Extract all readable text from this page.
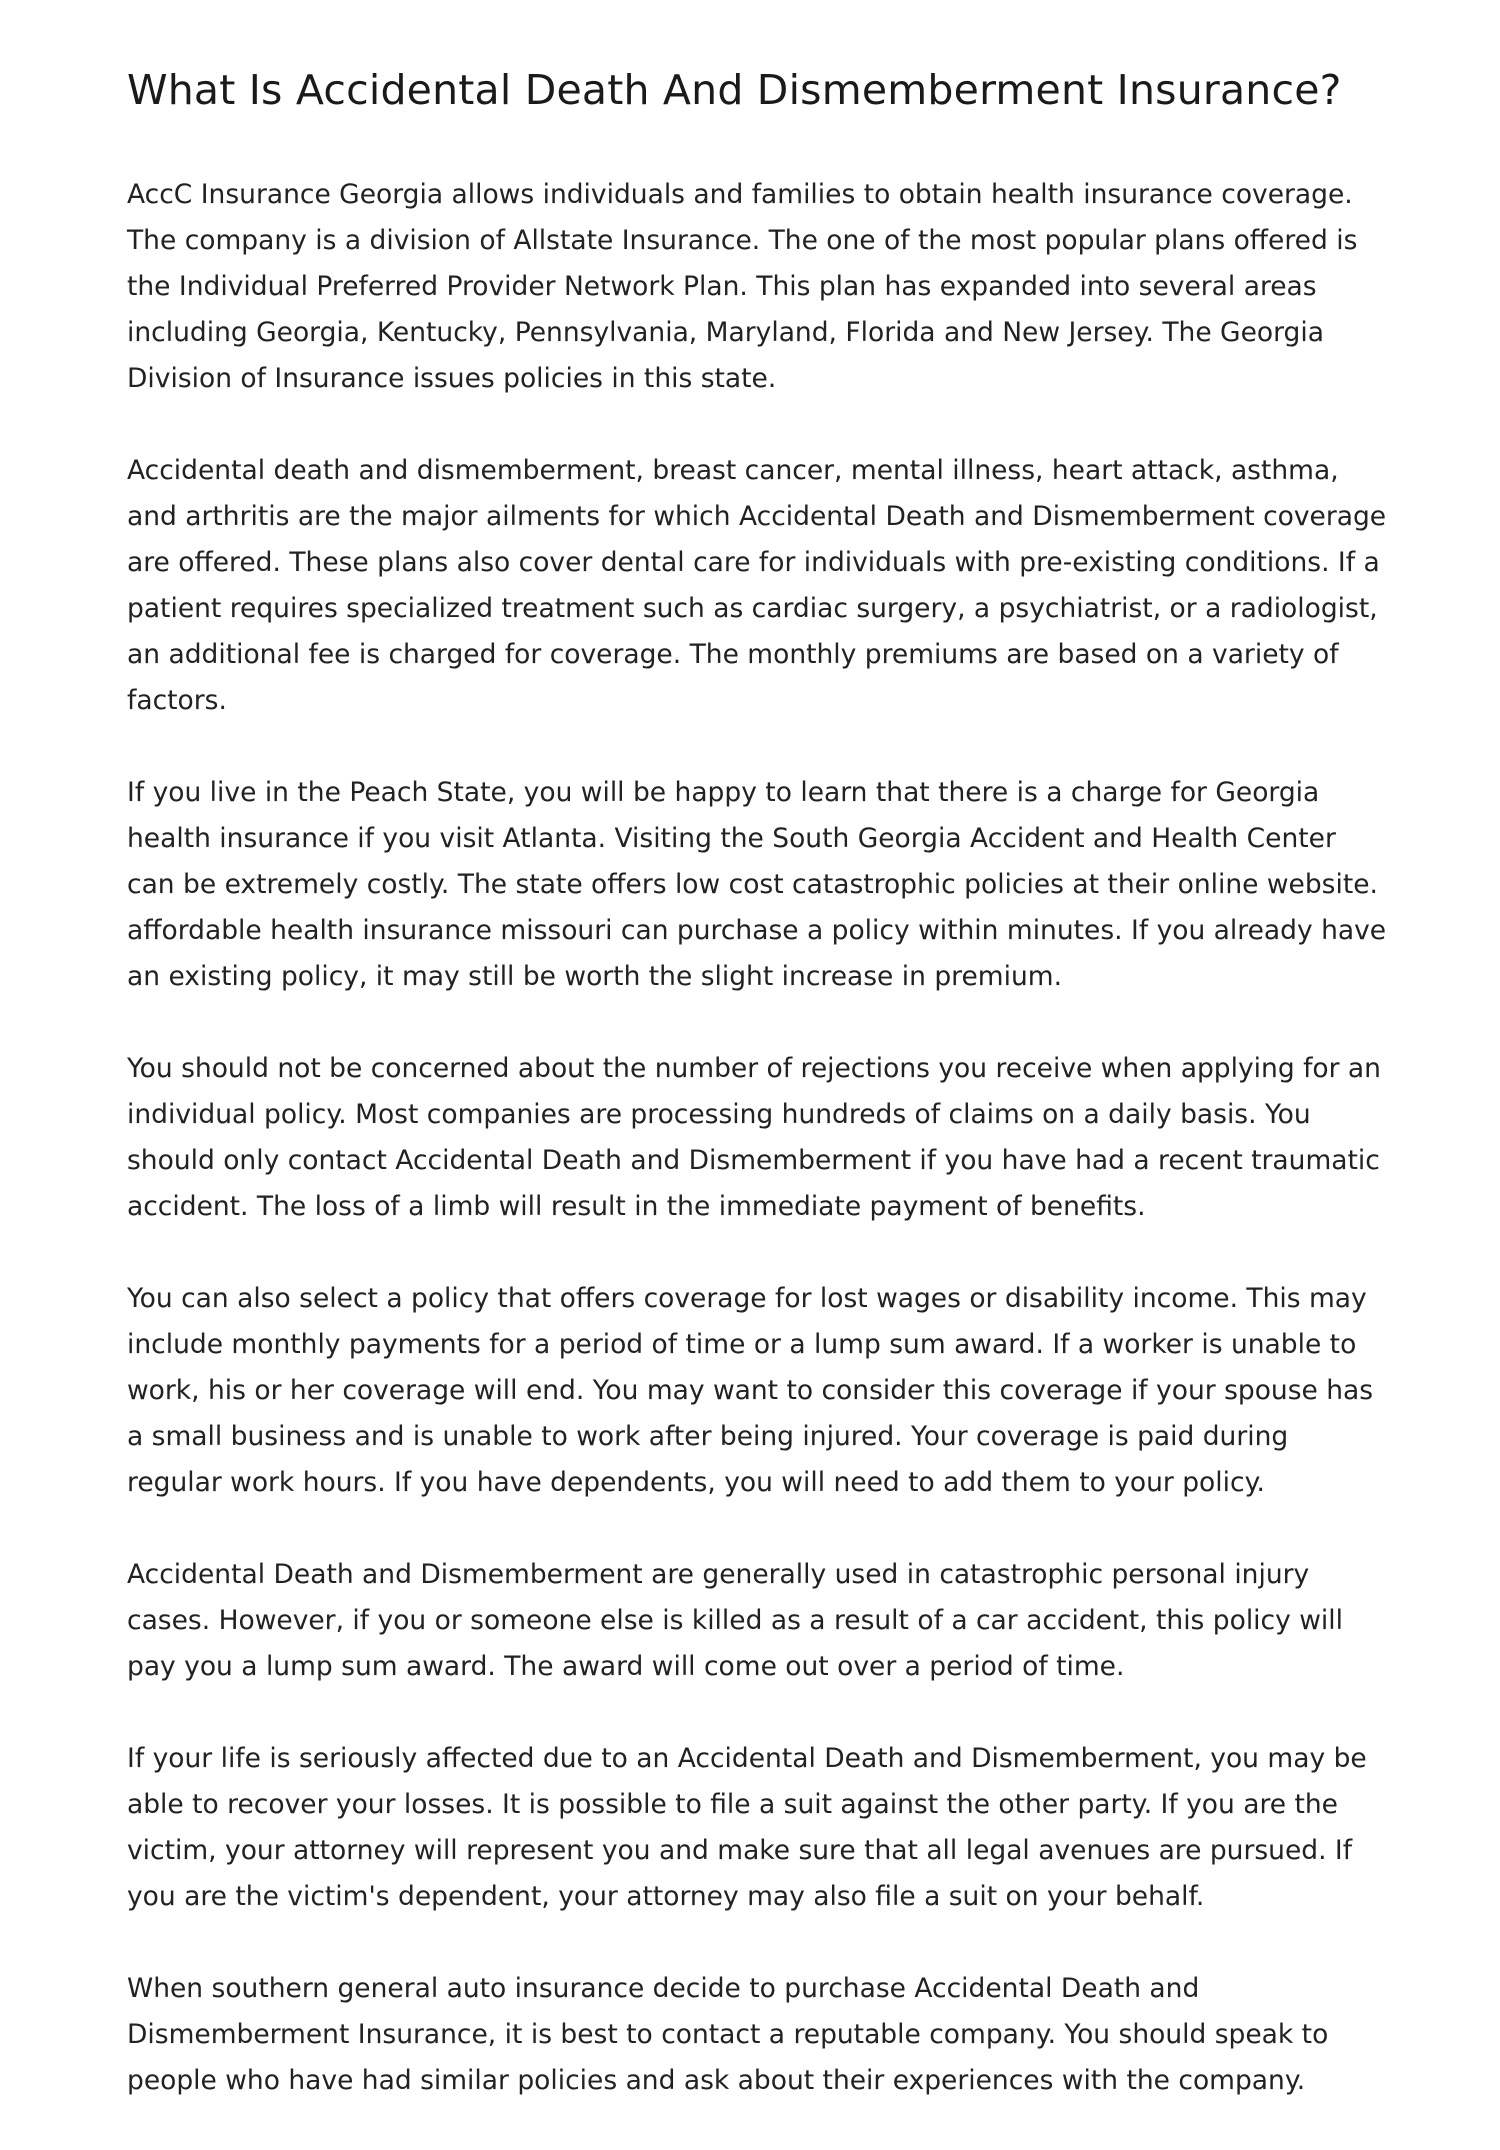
What Is Accidental Death And Dismemberment Insurance?

AccC Insurance Georgia allows individuals and families to obtain health insurance coverage. The company is a division of Allstate Insurance. The one of the most popular plans offered is the Individual Preferred Provider Network Plan. This plan has expanded into several areas including Georgia, Kentucky, Pennsylvania, Maryland, Florida and New Jersey. The Georgia Division of Insurance issues policies in this state.

Accidental death and dismemberment, breast cancer, mental illness, heart attack, asthma, and arthritis are the major ailments for which Accidental Death and Dismemberment coverage are offered. These plans also cover dental care for individuals with pre-existing conditions. If a patient requires specialized treatment such as cardiac surgery, a psychiatrist, or a radiologist, an additional fee is charged for coverage. The monthly premiums are based on a variety of factors.

If you live in the Peach State, you will be happy to learn that there is a charge for Georgia health insurance if you visit Atlanta. Visiting the South Georgia Accident and Health Center can be extremely costly. The state offers low cost catastrophic policies at their online website. affordable health insurance missouri can purchase a policy within minutes. If you already have an existing policy, it may still be worth the slight increase in premium.

You should not be concerned about the number of rejections you receive when applying for an individual policy. Most companies are processing hundreds of claims on a daily basis. You should only contact Accidental Death and Dismemberment if you have had a recent traumatic accident. The loss of a limb will result in the immediate payment of benefits.

You can also select a policy that offers coverage for lost wages or disability income. This may include monthly payments for a period of time or a lump sum award. If a worker is unable to work, his or her coverage will end. You may want to consider this coverage if your spouse has a small business and is unable to work after being injured. Your coverage is paid during regular work hours. If you have dependents, you will need to add them to your policy.

Accidental Death and Dismemberment are generally used in catastrophic personal injury cases. However, if you or someone else is killed as a result of a car accident, this policy will pay you a lump sum award. The award will come out over a period of time.

If your life is seriously affected due to an Accidental Death and Dismemberment, you may be able to recover your losses. It is possible to file a suit against the other party. If you are the victim, your attorney will represent you and make sure that all legal avenues are pursued. If you are the victim's dependent, your attorney may also file a suit on your behalf.

When southern general auto insurance decide to purchase Accidental Death and Dismemberment Insurance, it is best to contact a reputable company. You should speak to people who have had similar policies and ask about their experiences with the company.
